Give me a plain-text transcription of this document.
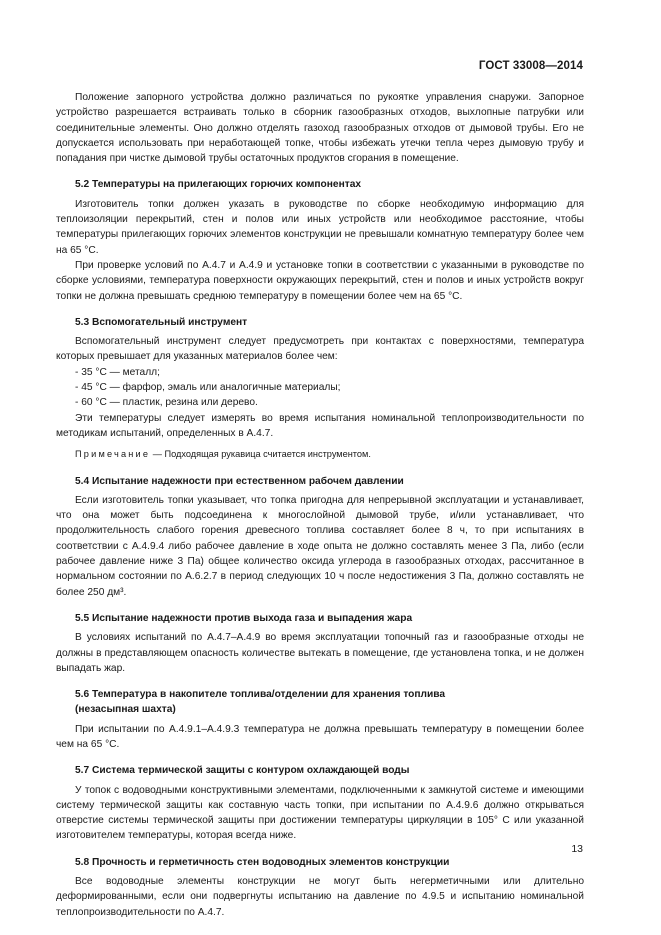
ГОСТ 33008—2014

Положение запорного устройства должно различаться по рукоятке управления снаружи. Запорное устройство разрешается встраивать только в сборник газообразных отходов, выхлопные патрубки или соединительные элементы. Оно должно отделять газоход газообразных отходов от дымовой трубы. Его не допускается использовать при неработающей топке, чтобы избежать утечки тепла через дымовую трубу и попадания при чистке дымовой трубы остаточных продуктов сгорания в помещение.

5.2 Температуры на прилегающих горючих компонентах

Изготовитель топки должен указать в руководстве по сборке необходимую информацию для теплоизоляции перекрытий, стен и полов или иных устройств или необходимое расстояние, чтобы температуры прилегающих горючих элементов конструкции не превышали комнатную температуру более чем на 65 °С.

При проверке условий по А.4.7 и А.4.9 и установке топки в соответствии с указанными в руководстве по сборке условиями, температура поверхности окружающих перекрытий, стен и полов и иных устройств вокруг топки не должна превышать среднюю температуру в помещении более чем на 65 °С.

5.3 Вспомогательный инструмент

Вспомогательный инструмент следует предусмотреть при контактах с поверхностями, температура которых превышает для указанных материалов более чем:

- 35 °С — металл;

- 45 °С — фарфор, эмаль или аналогичные материалы;

- 60 °С — пластик, резина или дерево.

Эти температуры следует измерять во время испытания номинальной теплопроизводительности по методикам испытаний, определенных в А.4.7.

Примечание — Подходящая рукавица считается инструментом.

5.4 Испытание надежности при естественном рабочем давлении

Если изготовитель топки указывает, что топка пригодна для непрерывной эксплуатации и устанавливает, что она может быть подсоединена к многослойной дымовой трубе, и/или устанавливает, что продолжительность слабого горения древесного топлива составляет более 8 ч, то при испытаниях в соответствии с А.4.9.4 либо рабочее давление в ходе опыта не должно составлять менее 3 Па, либо (если рабочее давление ниже 3 Па) общее количество оксида углерода в газообразных отходах, рассчитанное в нормальном состоянии по А.6.2.7 в период следующих 10 ч после недостижения 3 Па, должно составлять не более 250 дм³.

5.5 Испытание надежности против выхода газа и выпадения жара

В условиях испытаний по А.4.7–А.4.9 во время эксплуатации топочный газ и газообразные отходы не должны в представляющем опасность количестве вытекать в помещение, где установлена топка, и не должен выпадать жар.

5.6 Температура в накопителе топлива/отделении для хранения топлива
(незасыпная шахта)

При испытании по А.4.9.1–А.4.9.3 температура не должна превышать температуру в помещении более чем на 65 °С.

5.7 Система термической защиты с контуром охлаждающей воды

У топок с водоводными конструктивными элементами, подключенными к замкнутой системе и имеющими систему термической защиты как составную часть топки, при испытании по А.4.9.6 должно открываться отверстие системы термической защиты при достижении температуры циркуляции в 105° С или указанной изготовителем температуры, которая всегда ниже.

5.8 Прочность и герметичность стен водоводных элементов конструкции

Все водоводные элементы конструкции не могут быть негерметичными или длительно деформированными, если они подвергнуты испытанию на давление по 4.9.5 и испытанию номинальной теплопроизводительности по А.4.7.

13
